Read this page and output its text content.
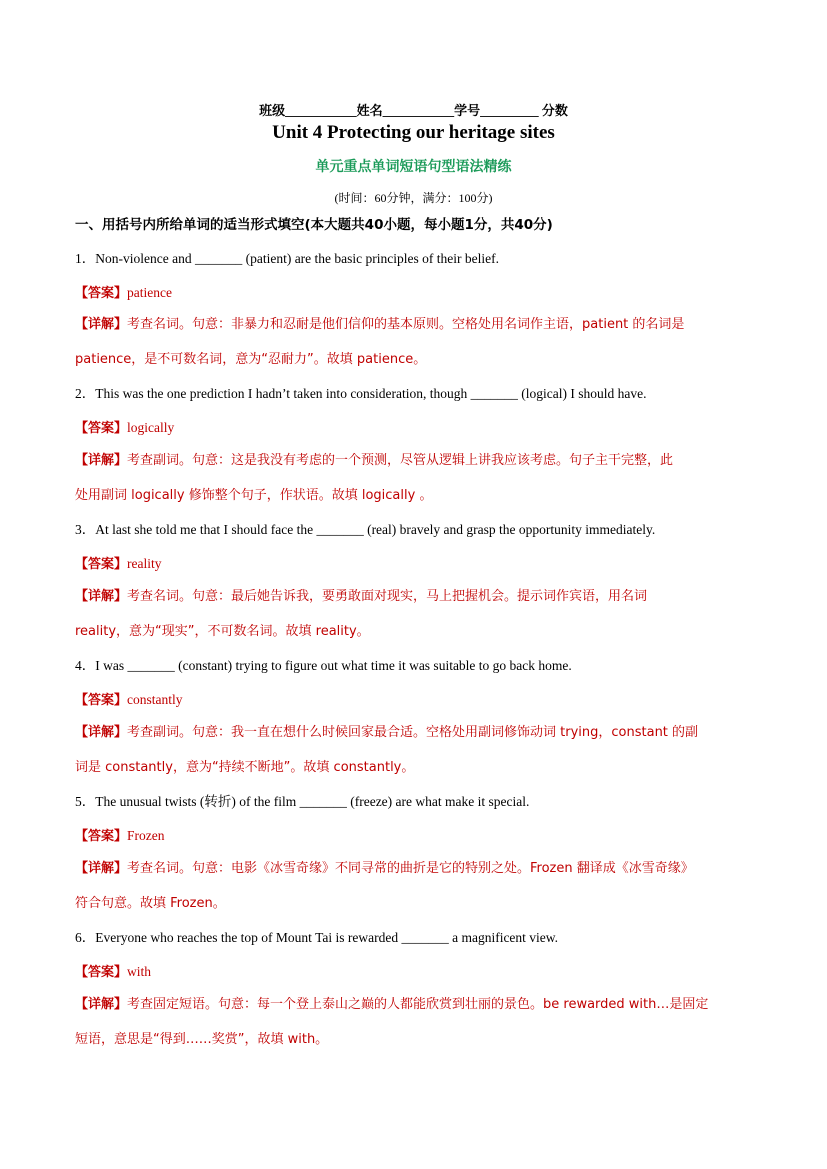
班级___________姓名___________学号_________ 分数
Unit 4 Protecting our heritage sites
单元重点单词短语句型语法精练
(时间：60分钟，满分：100分)
一、用括号内所给单词的适当形式填空(本大题共40小题，每小题1分，共40分)
1．Non-violence and _______ (patient) are the basic principles of their belief.
【答案】patience
【详解】考查名词。句意：非暴力和忍耐是他们信仰的基本原则。空格处用名词作主语，patient 的名词是
patience，是不可数名词，意为“忍耐力”。故填 patience。
2．This was the one prediction I hadn’t taken into consideration, though _______ (logical) I should have.
【答案】logically
【详解】考查副词。句意：这是我没有考虑的一个预测，尽管从逻辑上讲我应该考虑。句子主干完整，此
处用副词 logically 修饰整个句子，作状语。故填 logically 。
3．At last she told me that I should face the _______ (real) bravely and grasp the opportunity immediately.
【答案】reality
【详解】考查名词。句意：最后她告诉我，要勇敢面对现实，马上把握机会。提示词作宾语，用名词
reality，意为“现实”，不可数名词。故填 reality。
4．I was _______ (constant) trying to figure out what time it was suitable to go back home.
【答案】constantly
【详解】考查副词。句意：我一直在想什么时候回家最合适。空格处用副词修饰动词 trying，constant 的副
词是 constantly，意为“持续不断地”。故填 constantly。
5．The unusual twists (转折) of the film _______ (freeze) are what make it special.
【答案】Frozen
【详解】考查名词。句意：电影《冰雪奇缘》不同寻常的曲折是它的特别之处。Frozen 翻译成《冰雪奇缘》
符合句意。故填 Frozen。
6．Everyone who reaches the top of Mount Tai is rewarded _______ a magnificent view.
【答案】with
【详解】考查固定短语。句意：每一个登上泰山之巅的人都能欣赏到壮丽的景色。be rewarded with…是固定
短语，意思是“得到……奖赏”，故填 with。
